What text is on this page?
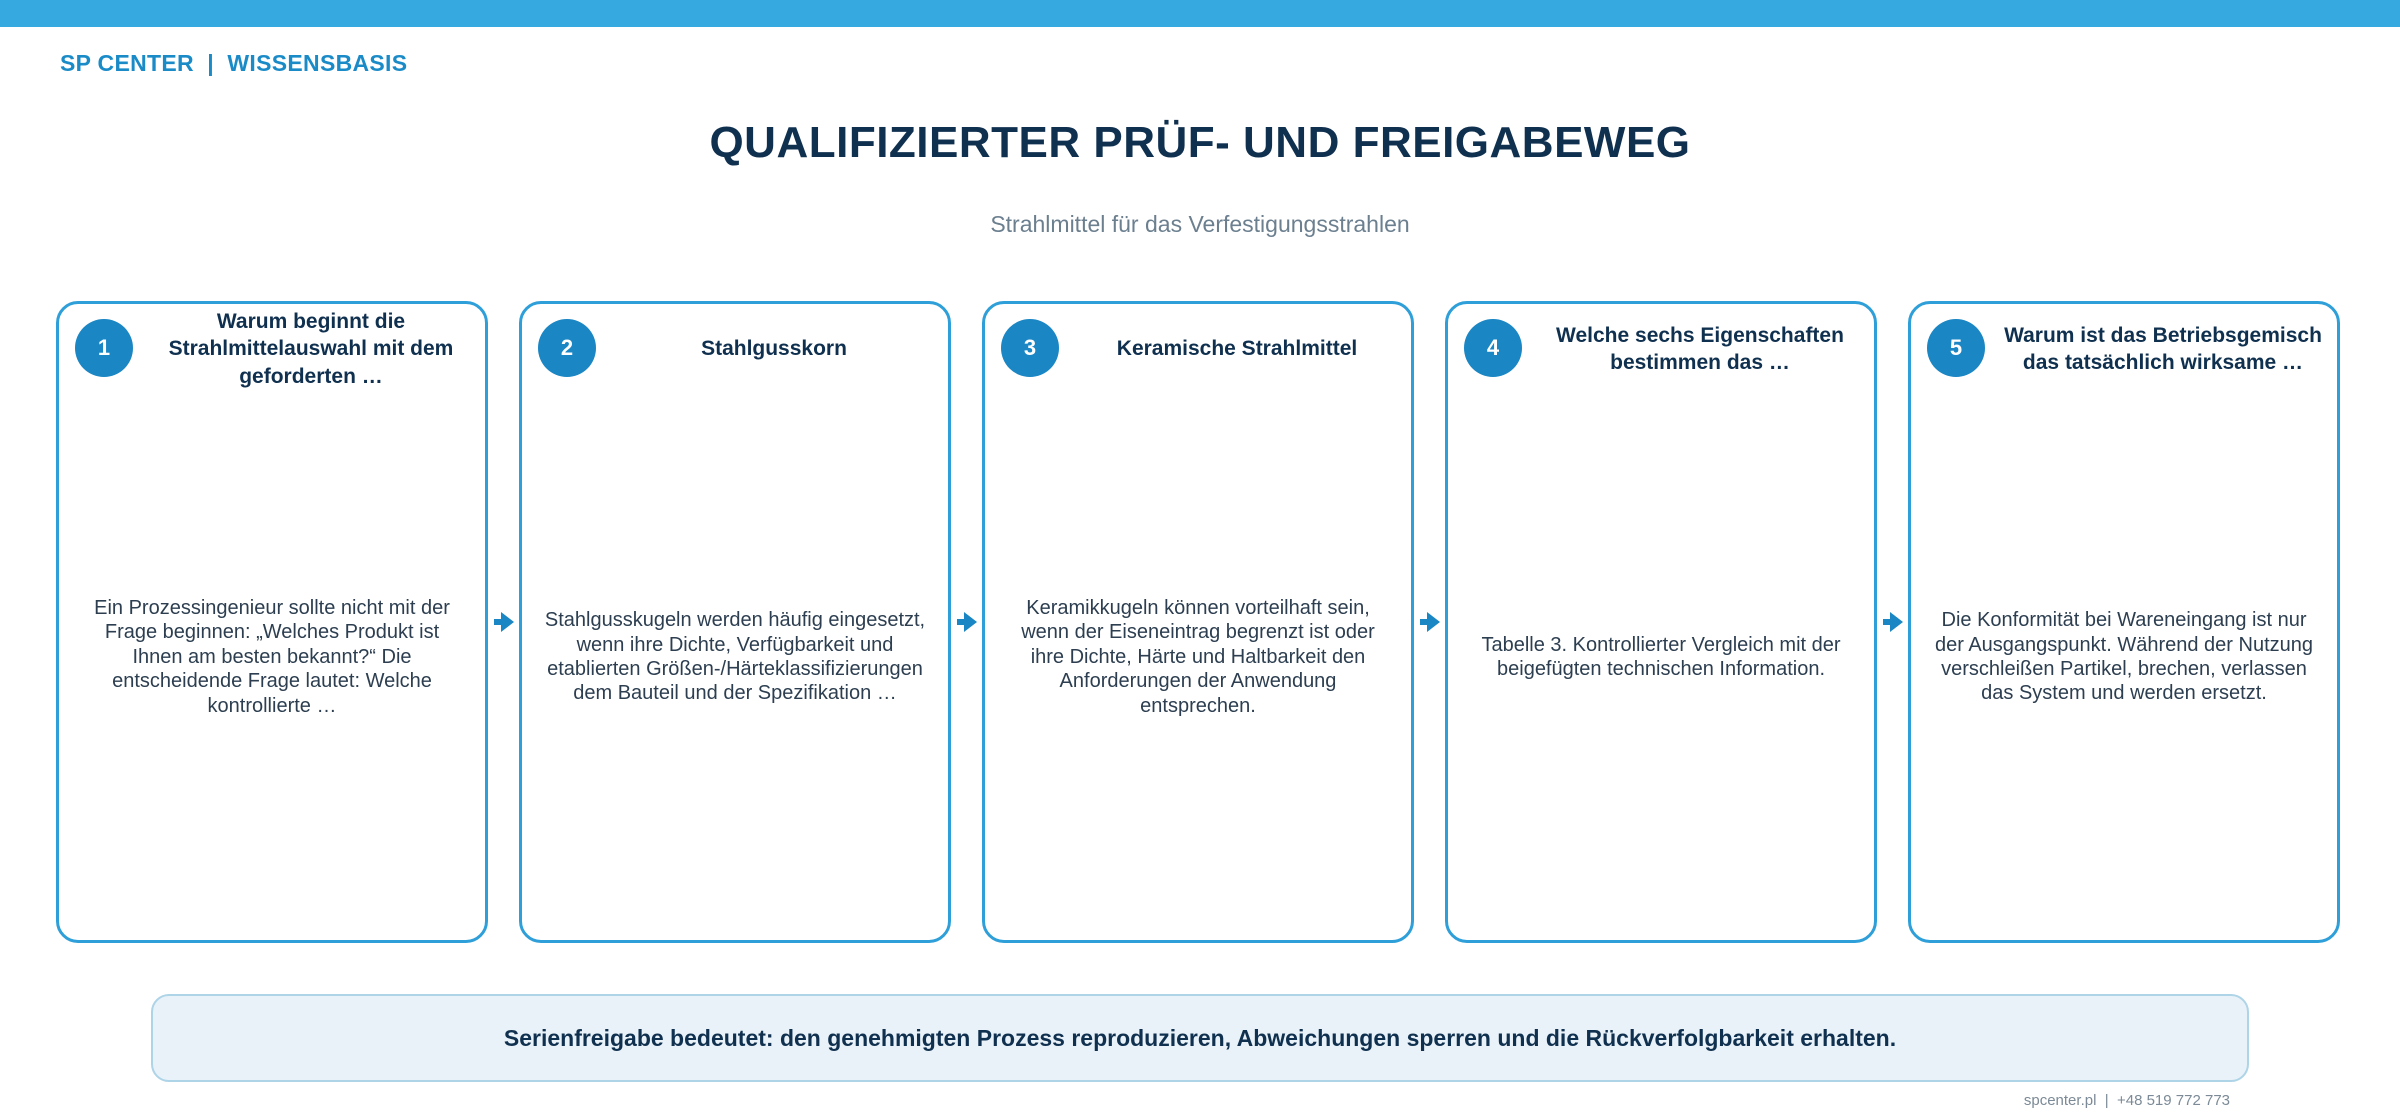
SP CENTER  |  WISSENSBASIS
QUALIFIZIERTER PRÜF- UND FREIGABEWEG
Strahlmittel für das Verfestigungsstrahlen
1
Warum beginnt die Strahlmittelauswahl mit dem geforderten …
Ein Prozessingenieur sollte nicht mit der Frage beginnen: „Welches Produkt ist Ihnen am besten bekannt?“ Die entscheidende Frage lautet: Welche kontrollierte …
2	Stahlgusskorn
Stahlgusskugeln werden häufig eingesetzt, wenn ihre Dichte, Verfügbarkeit und etablierten Größen-/Härteklassifizierungen dem Bauteil und der Spezifikation …
3	Keramische Strahlmittel
Keramikkugeln können vorteilhaft sein, wenn der Eiseneintrag begrenzt ist oder ihre Dichte, Härte und Haltbarkeit den Anforderungen der Anwendung entsprechen.
4	Welche sechs Eigenschaften bestimmen das …
Tabelle 3. Kontrollierter Vergleich mit der beigefügten technischen Information.
5	Warum ist das Betriebsgemisch das tatsächlich wirksame …
Die Konformität bei Wareneingang ist nur der Ausgangspunkt. Während der Nutzung verschleißen Partikel, brechen, verlassen das System und werden ersetzt.
Serienfreigabe bedeutet: den genehmigten Prozess reproduzieren, Abweichungen sperren und die Rückverfolgbarkeit erhalten.
spcenter.pl  |  +48 519 772 773
